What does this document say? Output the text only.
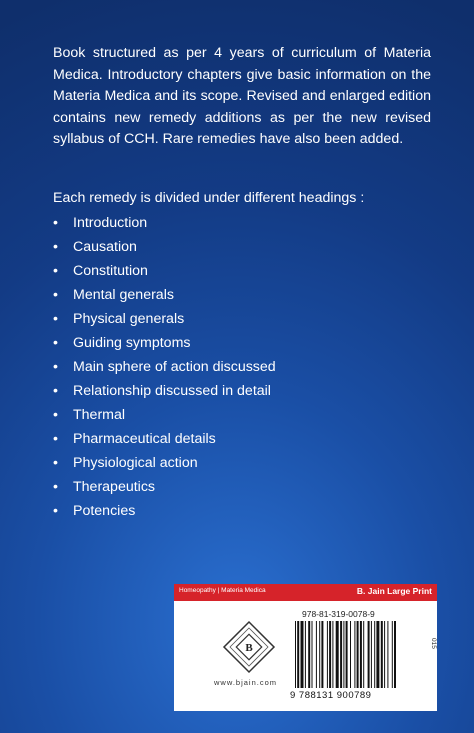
Book structured as per 4 years of curriculum of Materia Medica. Introductory chapters give basic information on the Materia Medica and its scope. Revised and enlarged edition contains new remedy additions as per the new revised syllabus of CCH. Rare remedies have also been added.
Each remedy is divided under different headings :
•	Introduction
•	Causation
•	Constitution
•	Mental generals
•	Physical generals
•	Guiding symptoms
•	Main sphere of action discussed
•	Relationship discussed in detail
•	Thermal
•	Pharmaceutical details
•	Physiological action
•	Therapeutics
•	Potencies
Homeopathy | Materia Medica	B. Jain Large Print
B
www.bjain.com
978-81-319-0078-9
9 788131 900789
015
